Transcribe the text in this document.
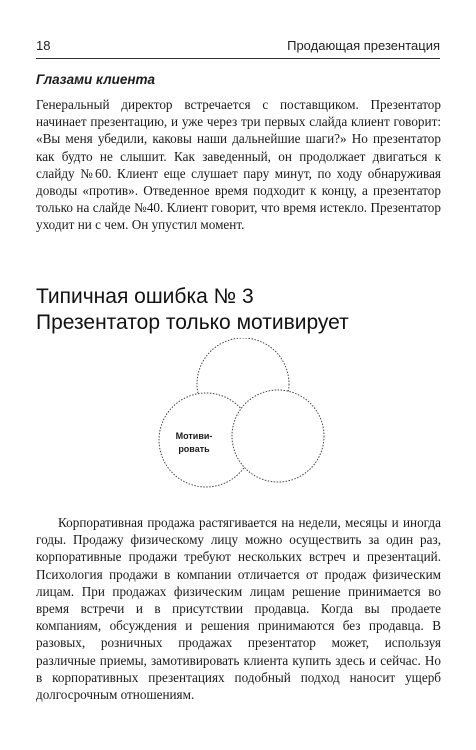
18	Продающая презентация
Глазами клиента

Генеральный директор встречается с поставщиком. Презентатор начинает презентацию, и уже через три первых слайда клиент говорит: «Вы меня убедили, каковы наши дальнейшие шаги?» Но презентатор как будто не слышит. Как заведенный, он продолжает двигаться к слайду №60. Клиент еще слушает пару минут, по ходу обнаруживая доводы «против». Отведенное время подходит к концу, а презентатор только на слайде №40. Клиент говорит, что время истекло. Презентатор уходит ни с чем. Он упустил момент.

Типичная ошибка № 3
Презентатор только мотивирует
Мотиви-
ровать

Корпоративная продажа растягивается на недели, месяцы и иногда годы. Продажу физическому лицу можно осуществить за один раз, корпоративные продажи требуют нескольких встреч и презентаций. Психология продажи в компании отличается от продаж физическим лицам. При продажах физическим лицам решение принимается во время встречи и в присутствии продавца. Когда вы продаете компаниям, обсуждения и решения принимаются без продавца. В разовых, розничных продажах презентатор может, используя различные приемы, замотивировать клиента купить здесь и сейчас. Но в корпоративных презентациях подобный подход наносит ущерб долгосрочным отношениям.
